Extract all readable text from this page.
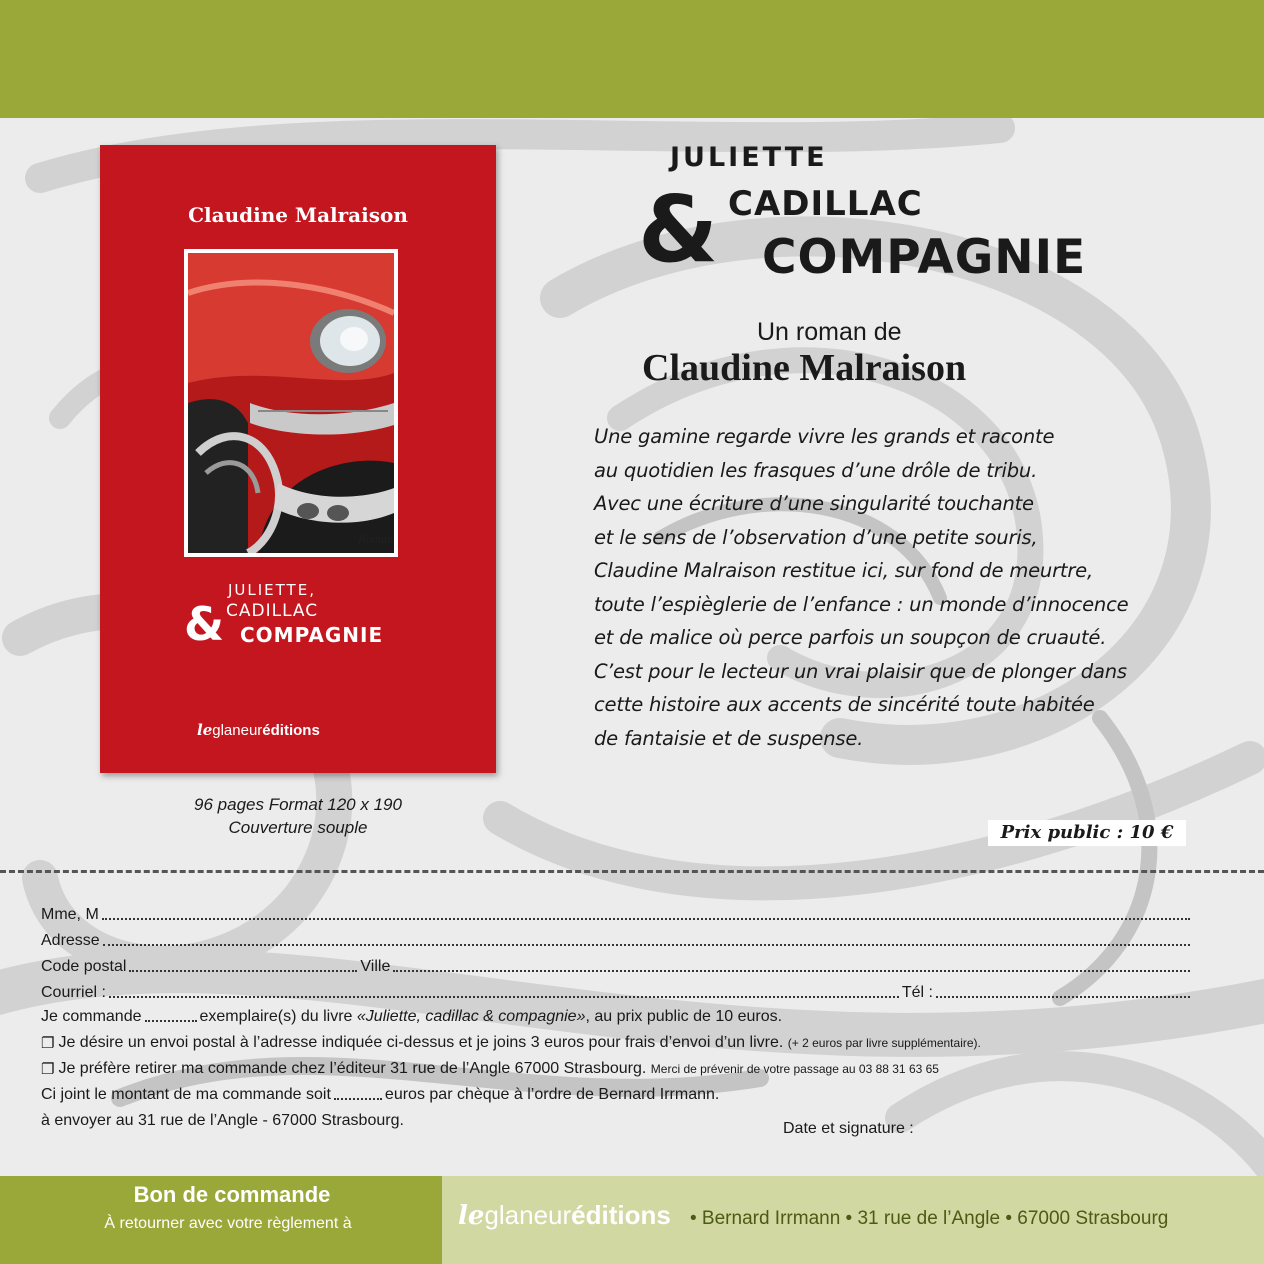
Claudine Malraison
Roman
JULIETTE,
& CADILLAC
COMPAGNIE
leglaneuréditions
96 pages Format 120 x 190
Couverture souple
JULIETTE
& CADILLAC
COMPAGNIE
Un roman de
Claudine Malraison
Une gamine regarde vivre les grands et raconte
au quotidien les frasques d’une drôle de tribu.
Avec une écriture d’une singularité touchante
et le sens de l’observation d’une petite souris,
Claudine Malraison restitue ici, sur fond de meurtre,
toute l’espièglerie de l’enfance : un monde d’innocence
et de malice où perce parfois un soupçon de cruauté.
C’est pour le lecteur un vrai plaisir que de plonger dans
cette histoire aux accents de sincérité toute habitée
de fantaisie et de suspense.
Prix public : 10 €
Mme, M
Adresse
Code postal	Ville
Courriel :	Tél :
Je commande	exemplaire(s) du livre
«Juliette, cadillac & compagnie» , au prix public de 10 euros.
❐ Je désire un envoi postal à l’adresse indiquée ci-dessus et je joins 3 euros pour frais d’envoi d’un livre.
(+ 2 euros par livre supplémentaire).
❐ Je préfère retirer ma commande chez l’éditeur 31 rue de l’Angle 67000 Strasbourg.
Merci de prévenir de votre passage au 03 88 31 63 65
Ci joint le montant de ma commande soit	euros par chèque à l’ordre de Bernard Irrmann.
à envoyer au 31 rue de l’Angle - 67000 Strasbourg.	Date et signature :
Bon de commande
À retourner avec votre règlement à	leglaneuréditions • Bernard Irrmann • 31 rue de l’Angle • 67000 Strasbourg
